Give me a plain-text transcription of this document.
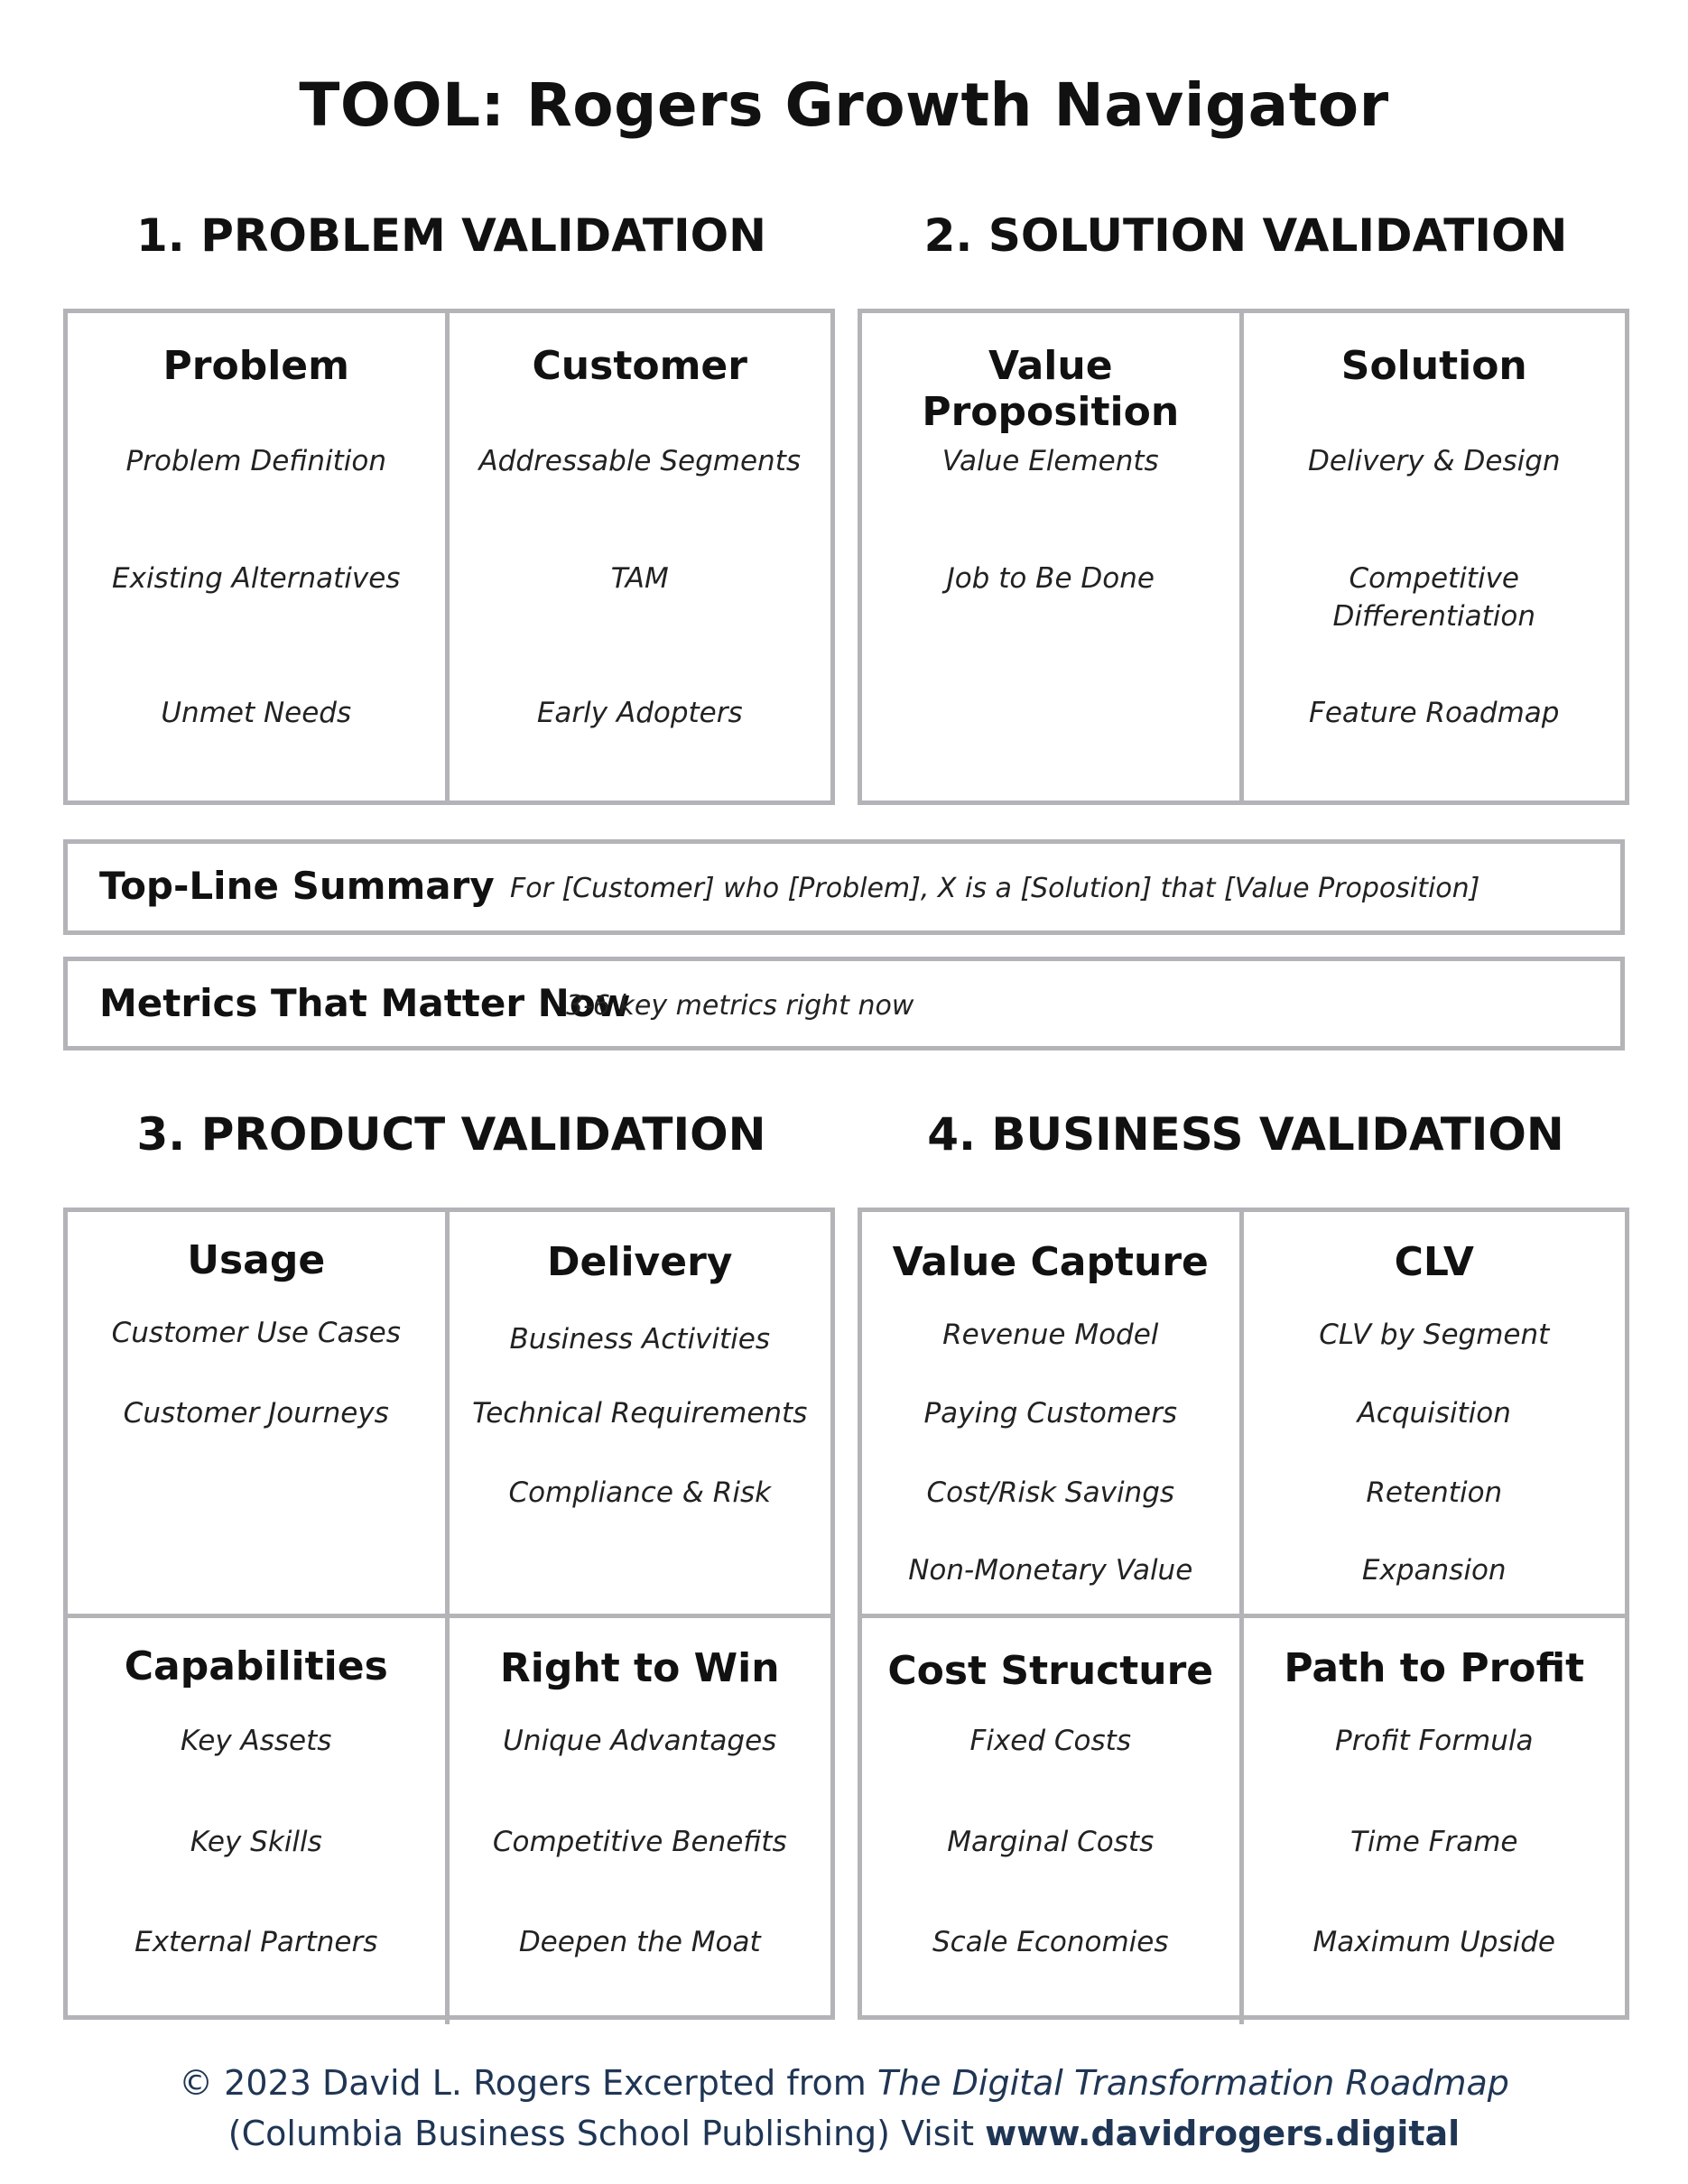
TOOL: Rogers Growth Navigator
1. PROBLEM VALIDATION
Problem
Problem Definition
Existing Alternatives
Unmet Needs
Customer
Addressable Segments
TAM
Early Adopters
2. SOLUTION VALIDATION
Value Proposition
Value Elements
Job to Be Done
Solution
Delivery & Design
Competitive
Differentiation
Feature Roadmap
Top-Line Summary For [Customer] who [Problem], X is a [Solution] that [Value Proposition]
Metrics That Matter Now
3-6 key metrics right now
3. PRODUCT VALIDATION
Usage
Customer Use Cases
Customer Journeys
Delivery
Business Activities
Technical Requirements
Compliance & Risk
Capabilities
Key Assets
Key Skills
External Partners
Right to Win
Unique Advantages
Competitive Benefits
Deepen the Moat
4. BUSINESS VALIDATION
Value Capture
Revenue Model
Paying Customers
Cost/Risk Savings
Non-Monetary Value
CLV
CLV by Segment
Acquisition
Retention
Expansion
Cost Structure
Fixed Costs
Marginal Costs
Scale Economies
Path to Profit
Profit Formula
Time Frame
Maximum Upside
© 2023 David L. Rogers Excerpted from The Digital Transformation Roadmap
(Columbia Business School Publishing) Visit www.davidrogers.digital
